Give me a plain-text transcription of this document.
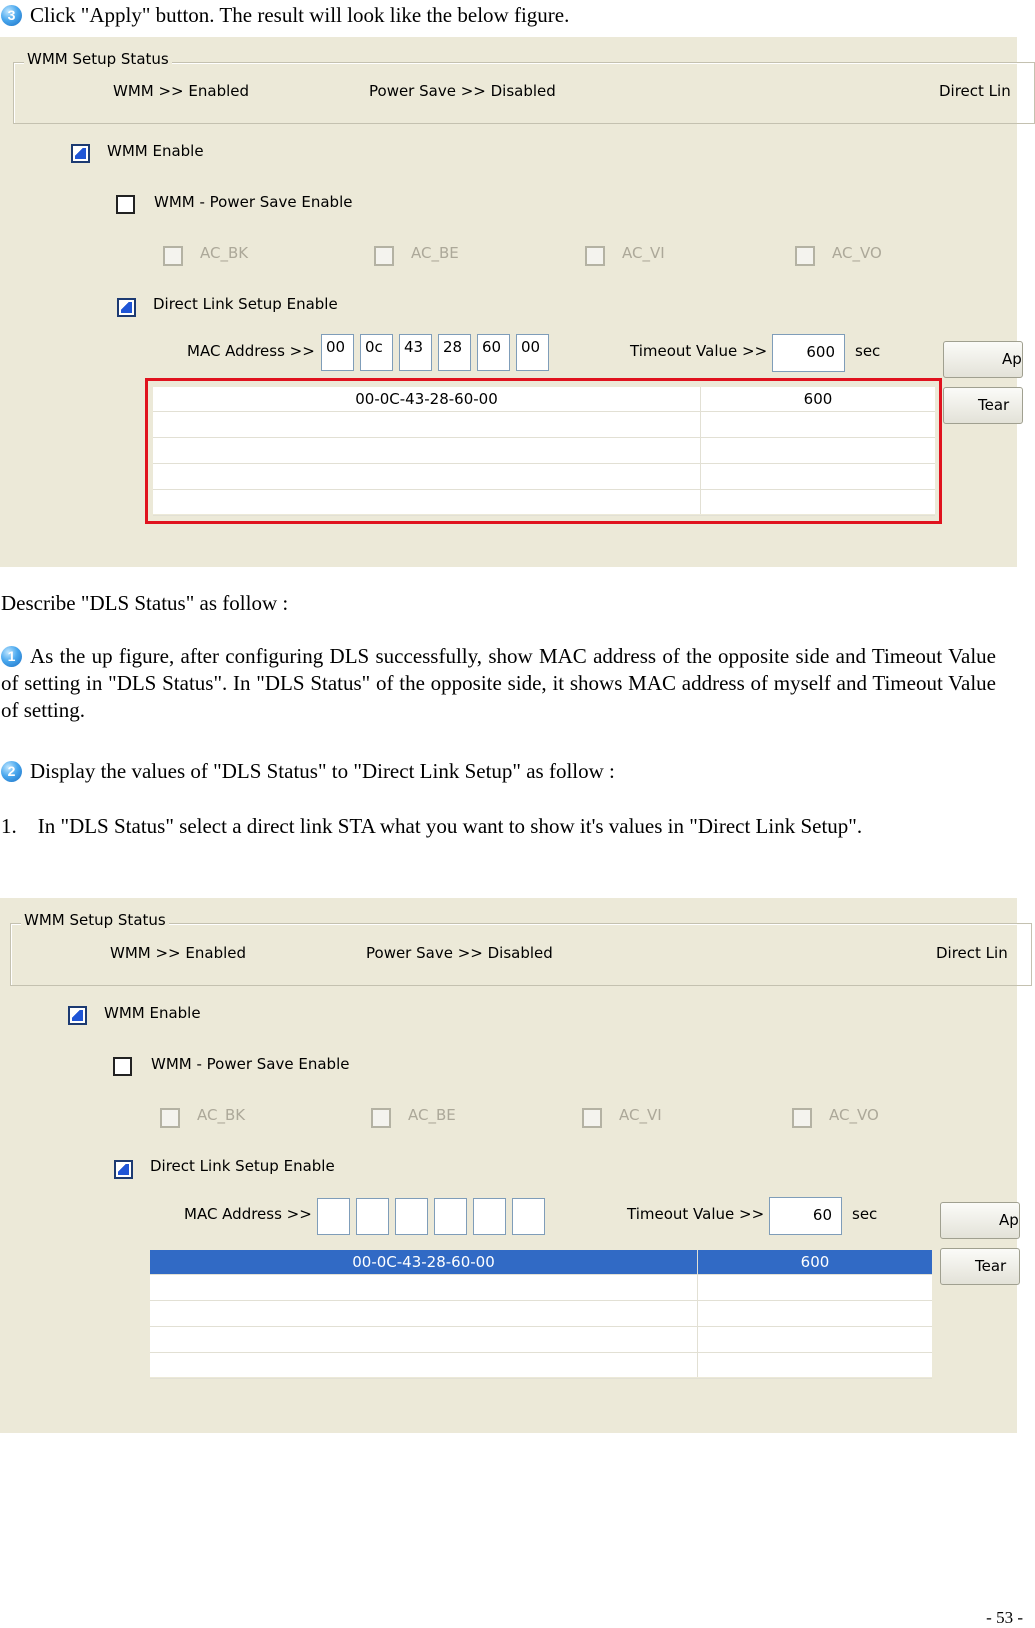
3 Click "Apply" button. The result will look like the below figure.
WMM Setup Status
WMM >> Enabled	Power Save >> Disabled	Direct Lin
WMM Enable
WMM - Power Save Enable
AC_BK	AC_BE	AC_VI	AC_VO
Direct Link Setup Enable
MAC Address >> 00	0c	43	28	60	00	Timeout Value >>	600	sec	Ap
Tear
00-0C-43-28-60-00	600
Describe "DLS Status" as follow :
1 As the up figure, after configuring DLS successfully, show MAC address of the opposite side and Timeout Value of setting in "DLS Status". In "DLS Status" of the opposite side, it shows MAC address of myself and Timeout Value of setting.
2 Display the values of "DLS Status" to "Direct Link Setup" as follow :
1.    In "DLS Status" select a direct link STA what you want to show it's values in "Direct Link Setup".
WMM Setup Status
WMM >> Enabled	Power Save >> Disabled	Direct Lin
WMM Enable
WMM - Power Save Enable
AC_BK	AC_BE	AC_VI	AC_VO
Direct Link Setup Enable
MAC Address >>	Timeout Value >>	60	sec	Ap
Tear
00-0C-43-28-60-00	600
- 53 -
